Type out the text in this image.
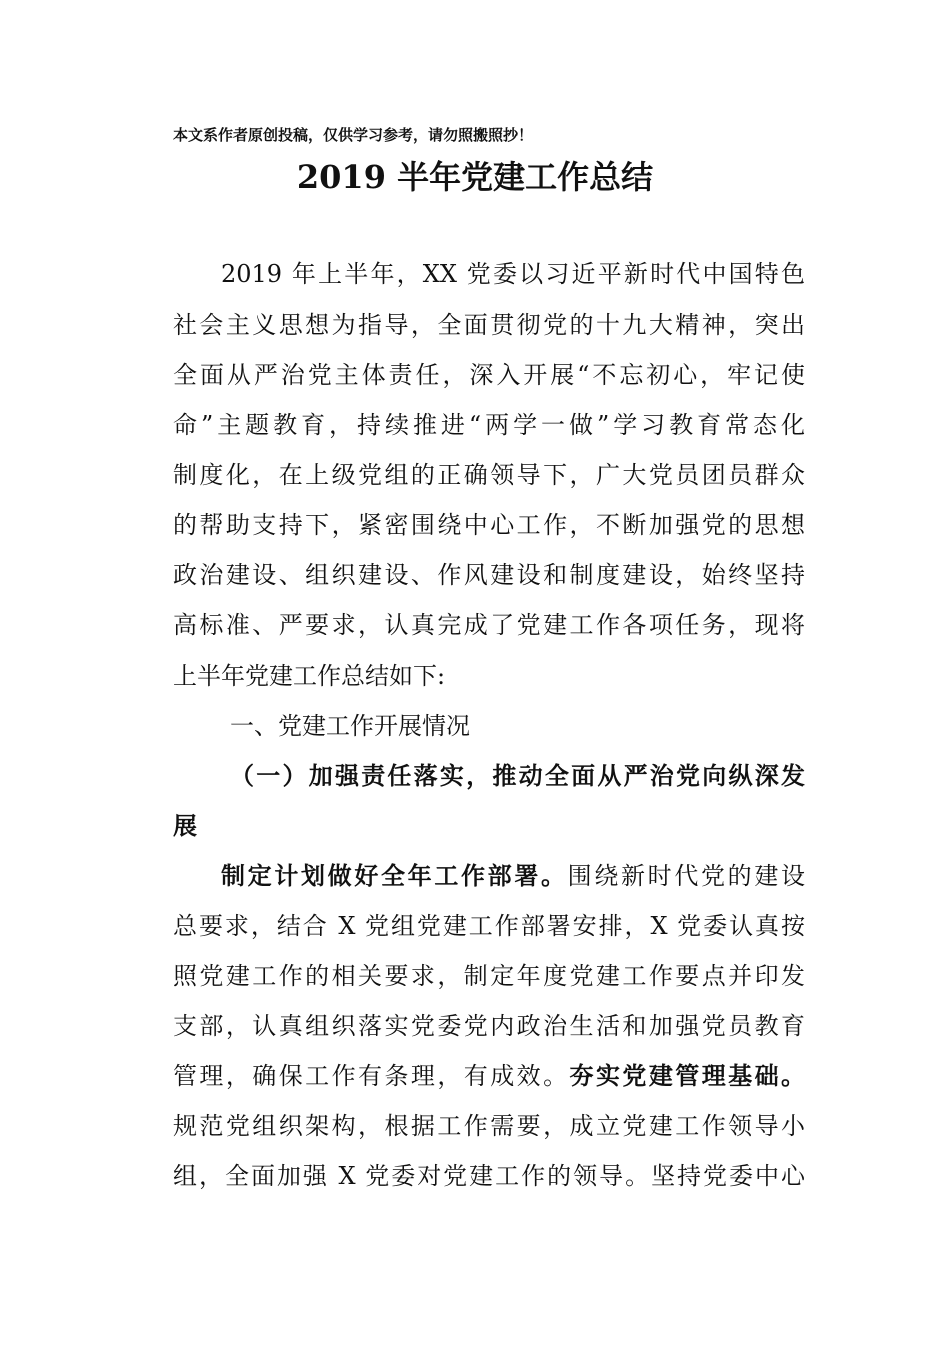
本文系作者原创投稿，仅供学习参考，请勿照搬照抄！
2019 半年党建工作总结
2019 年上半年，XX 党委以习近平新时代中国特色
社会主义思想为指导，全面贯彻党的十九大精神，突出
全面从严治党主体责任，深入开展“不忘初心，牢记使
命”主题教育，持续推进“两学一做”学习教育常态化
制度化，在上级党组的正确领导下，广大党员团员群众
的帮助支持下，紧密围绕中心工作，不断加强党的思想
政治建设、组织建设、作风建设和制度建设，始终坚持
高标准、严要求，认真完成了党建工作各项任务，现将
上半年党建工作总结如下:
一、党建工作开展情况
（一）加强责任落实，推动全面从严治党向纵深发
展
制定计划做好全年工作部署。围绕新时代党的建设
总要求，结合 X 党组党建工作部署安排，X 党委认真按
照党建工作的相关要求，制定年度党建工作要点并印发
支部，认真组织落实党委党内政治生活和加强党员教育
管理，确保工作有条理，有成效。夯实党建管理基础。
规范党组织架构，根据工作需要，成立党建工作领导小
组，全面加强 X 党委对党建工作的领导。坚持党委中心
